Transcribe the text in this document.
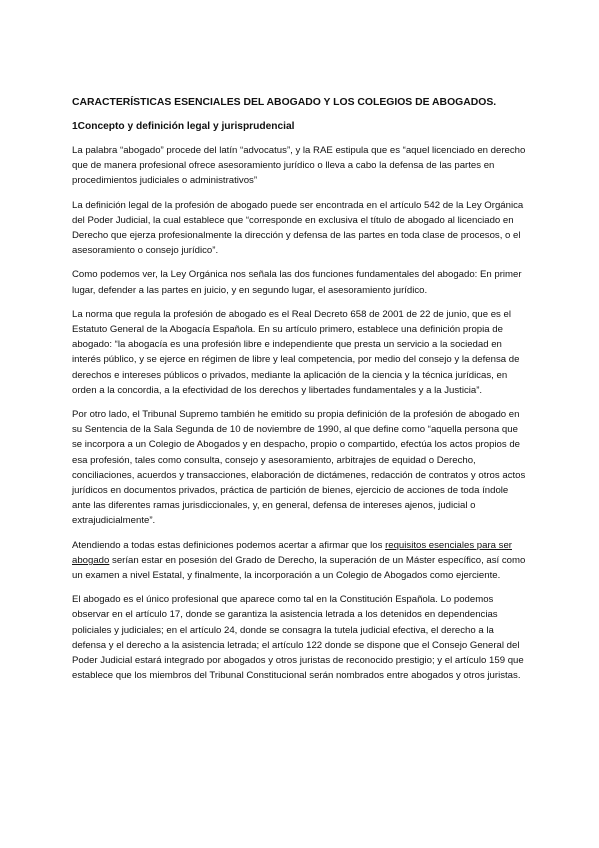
CARACTERÍSTICAS ESENCIALES DEL ABOGADO Y LOS COLEGIOS DE ABOGADOS.
1Concepto y definición legal y jurisprudencial

La palabra “abogado” procede del latín “advocatus”, y la RAE estipula que es “aquel licenciado en derecho que de manera profesional ofrece asesoramiento jurídico o lleva a cabo la defensa de las partes en procedimientos judiciales o administrativos”

La definición legal de la profesión de abogado puede ser encontrada en el artículo 542 de la Ley Orgánica del Poder Judicial, la cual establece que “corresponde en exclusiva el título de abogado al licenciado en Derecho que ejerza profesionalmente la dirección y defensa de las partes en toda clase de procesos, o el asesoramiento o consejo jurídico”.

Como podemos ver, la Ley Orgánica nos señala las dos funciones fundamentales del abogado: En primer lugar, defender a las partes en juicio, y en segundo lugar, el asesoramiento jurídico.

La norma que regula la profesión de abogado es el Real Decreto 658 de 2001 de 22 de junio, que es el Estatuto General de la Abogacía Española. En su artículo primero, establece una definición propia de abogado: “la abogacía es una profesión libre e independiente que presta un servicio a la sociedad en interés público, y se ejerce en régimen de libre y leal competencia, por medio del consejo y la defensa de derechos e intereses públicos o privados, mediante la aplicación de la ciencia y la técnica jurídicas, en orden a la concordia, a la efectividad de los derechos y libertades fundamentales y a la Justicia”.

Por otro lado, el Tribunal Supremo también he emitido su propia definición de la profesión de abogado en su Sentencia de la Sala Segunda de 10 de noviembre de 1990, al que define como “aquella persona que se incorpora a un Colegio de Abogados y en despacho, propio o compartido, efectúa los actos propios de esa profesión, tales como consulta, consejo y asesoramiento, arbitrajes de equidad o Derecho, conciliaciones, acuerdos y transacciones, elaboración de dictámenes, redacción de contratos y otros actos jurídicos en documentos privados, práctica de partición de bienes, ejercicio de acciones de toda índole ante las diferentes ramas jurisdiccionales, y, en general, defensa de intereses ajenos, judicial o extrajudicialmente”.

Atendiendo a todas estas definiciones podemos acertar a afirmar que los requisitos esenciales para ser abogado serían estar en posesión del Grado de Derecho, la superación de un Máster específico, así como un examen a nivel Estatal, y finalmente, la incorporación a un Colegio de Abogados como ejerciente.

El abogado es el único profesional que aparece como tal en la Constitución Española. Lo podemos observar en el artículo 17, donde se garantiza la asistencia letrada a los detenidos en dependencias policiales y judiciales; en el artículo 24, donde se consagra la tutela judicial efectiva, el derecho a la defensa y el derecho a la asistencia letrada; el artículo 122 donde se dispone que el Consejo General del Poder Judicial estará integrado por abogados y otros juristas de reconocido prestigio; y el artículo 159 que establece que los miembros del Tribunal Constitucional serán nombrados entre abogados y otros juristas.
